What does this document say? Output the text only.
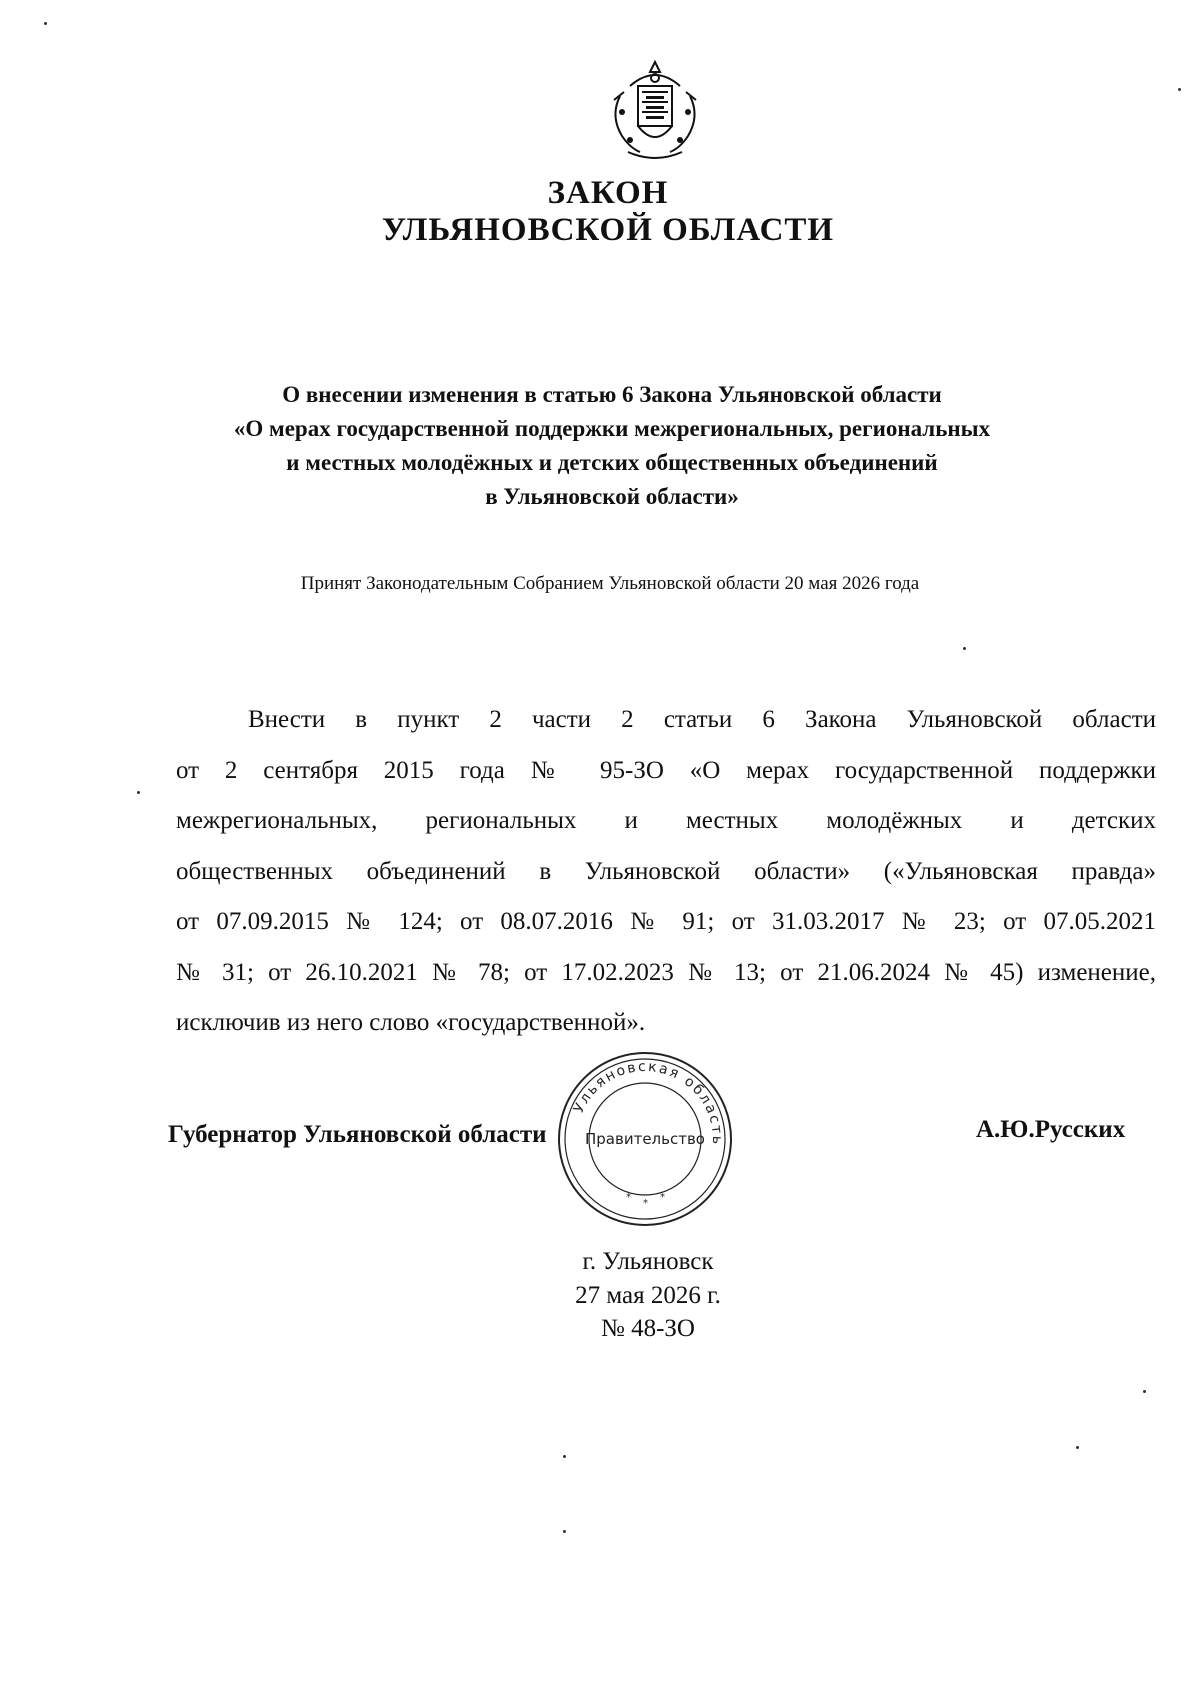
ЗАКОН
УЛЬЯНОВСКОЙ ОБЛАСТИ
О внесении изменения в статью 6 Закона Ульяновской области
«О мерах государственной поддержки межрегиональных, региональных
и местных молодёжных и детских общественных объединений
в Ульяновской области»
Принят Законодательным Собранием Ульяновской области 20 мая 2026 года
Внести в пункт 2 части 2 статьи 6 Закона Ульяновской области
от 2 сентября 2015 года № 95-ЗО «О мерах государственной поддержки
межрегиональных, региональных и местных молодёжных и детских
общественных объединений в Ульяновской области» («Ульяновская правда»
от 07.09.2015 № 124; от 08.07.2016 № 91; от 31.03.2017 № 23; от 07.05.2021
№ 31; от 26.10.2021 № 78; от 17.02.2023 № 13; от 21.06.2024 № 45) изменение,
исключив из него слово «государственной».
Губернатор Ульяновской области
Ульяновская область
Правительство
*
*
*
А.Ю.Русских
г. Ульяновск
27 мая 2026 г.
№ 48-ЗО
